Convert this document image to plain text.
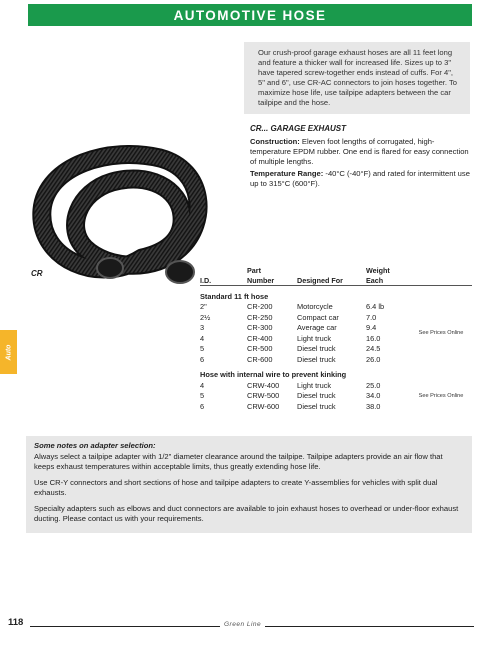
AUTOMOTIVE HOSE
Our crush-proof garage exhaust hoses are all 11 feet long and feature a thicker wall for increased life. Sizes up to 3" have tapered screw-together ends instead of cuffs. For 4", 5" and 6", use CR-AC connectors to join hoses together. To maximize hose life, use tailpipe adapters between the car tailpipe and the hose.
CR... GARAGE EXHAUST

Construction: Eleven foot lengths of corrugated, high-temperature EPDM rubber. One end is flared for easy connection of multiple lengths.

Temperature Range: -40°C (-40°F) and rated for intermittent use up to 315°C (600°F).

CR
Auto
	Part		Weight	
I.D.	Number	Designed For	Each	

Standard 11 ft hose				
2"	CR-200	Motorcycle	6.4 lb	
2½	CR-250	Compact car	7.0	
3	CR-300	Average car	9.4	See Prices Online
4	CR-400	Light truck	16.0	
5	CR-500	Diesel truck	24.5	
6	CR-600	Diesel truck	26.0	

Hose with internal wire to prevent kinking				
4	CRW-400	Light truck	25.0	See Prices Online
5	CRW-500	Diesel truck	34.0	
6	CRW-600	Diesel truck	38.0	
Some notes on adapter selection:

Always select a tailpipe adapter with 1/2" diameter clearance around the tailpipe. Tailpipe adapters provide an air flow that keeps exhaust temperatures within acceptable limits, thus greatly extending hose life.

Use CR-Y connectors and short sections of hose and tailpipe adapters to create Y-assemblies for vehicles with split dual exhausts.

Specialty adapters such as elbows and duct connectors are available to join exhaust hoses to overhead or under-floor exhaust ducting. Please contact us with your requirements.

118	Green Line
